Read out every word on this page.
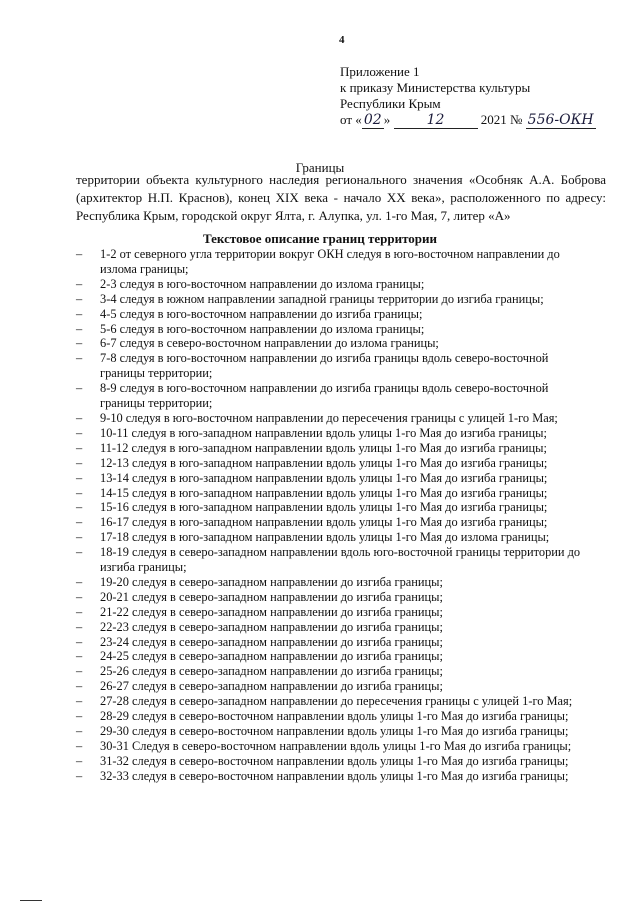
4
Приложение 1
к приказу Министерства культуры
Республики Крым
от « 02 »	12	2021 № 556-ОКН
Границы
территории объекта культурного наследия регионального значения «Особняк А.А. Боброва (архитектор Н.П. Краснов), конец XIX века - начало XX века», расположенного по адресу: Республика Крым, городской округ Ялта, г. Алупка, ул. 1-го Мая, 7, литер «А»
Текстовое описание границ территории
– 1-2 от северного угла территории вокруг ОКН следуя в юго-восточном направлении до излома границы;
– 2-3 следуя в юго-восточном направлении до излома границы;
– 3-4 следуя в южном направлении западной границы территории до изгиба границы;
– 4-5 следуя в юго-восточном направлении до изгиба границы;
– 5-6 следуя в юго-восточном направлении до излома границы;
– 6-7 следуя в северо-восточном направлении до излома границы;
– 7-8 следуя в юго-восточном направлении до изгиба границы вдоль северо-восточной границы территории;
– 8-9 следуя в юго-восточном направлении до изгиба границы вдоль северо-восточной границы территории;
– 9-10 следуя в юго-восточном направлении до пересечения границы с улицей 1-го Мая;
– 10-11 следуя в юго-западном направлении вдоль улицы 1-го Мая до изгиба границы;
– 11-12 следуя в юго-западном направлении вдоль улицы 1-го Мая до изгиба границы;
– 12-13 следуя в юго-западном направлении вдоль улицы 1-го Мая до изгиба границы;
– 13-14 следуя в юго-западном направлении вдоль улицы 1-го Мая до изгиба границы;
– 14-15 следуя в юго-западном направлении вдоль улицы 1-го Мая до изгиба границы;
– 15-16 следуя в юго-западном направлении вдоль улицы 1-го Мая до изгиба границы;
– 16-17 следуя в юго-западном направлении вдоль улицы 1-го Мая до изгиба границы;
– 17-18 следуя в юго-западном направлении вдоль улицы 1-го Мая до излома границы;
– 18-19 следуя в северо-западном направлении вдоль юго-восточной границы территории до изгиба границы;
– 19-20 следуя в северо-западном направлении до изгиба границы;
– 20-21 следуя в северо-западном направлении до изгиба границы;
– 21-22 следуя в северо-западном направлении до изгиба границы;
– 22-23 следуя в северо-западном направлении до изгиба границы;
– 23-24 следуя в северо-западном направлении до изгиба границы;
– 24-25 следуя в северо-западном направлении до изгиба границы;
– 25-26 следуя в северо-западном направлении до изгиба границы;
– 26-27 следуя в северо-западном направлении до изгиба границы;
– 27-28 следуя в северо-западном направлении до пересечения границы с улицей 1-го Мая;
– 28-29 следуя в северо-восточном направлении вдоль улицы 1-го Мая до изгиба границы;
– 29-30 следуя в северо-восточном направлении вдоль улицы 1-го Мая до изгиба границы;
– 30-31 Следуя в северо-восточном направлении вдоль улицы 1-го Мая до изгиба границы;
– 31-32 следуя в северо-восточном направлении вдоль улицы 1-го Мая до изгиба границы;
– 32-33 следуя в северо-восточном направлении вдоль улицы 1-го Мая до изгиба границы;
